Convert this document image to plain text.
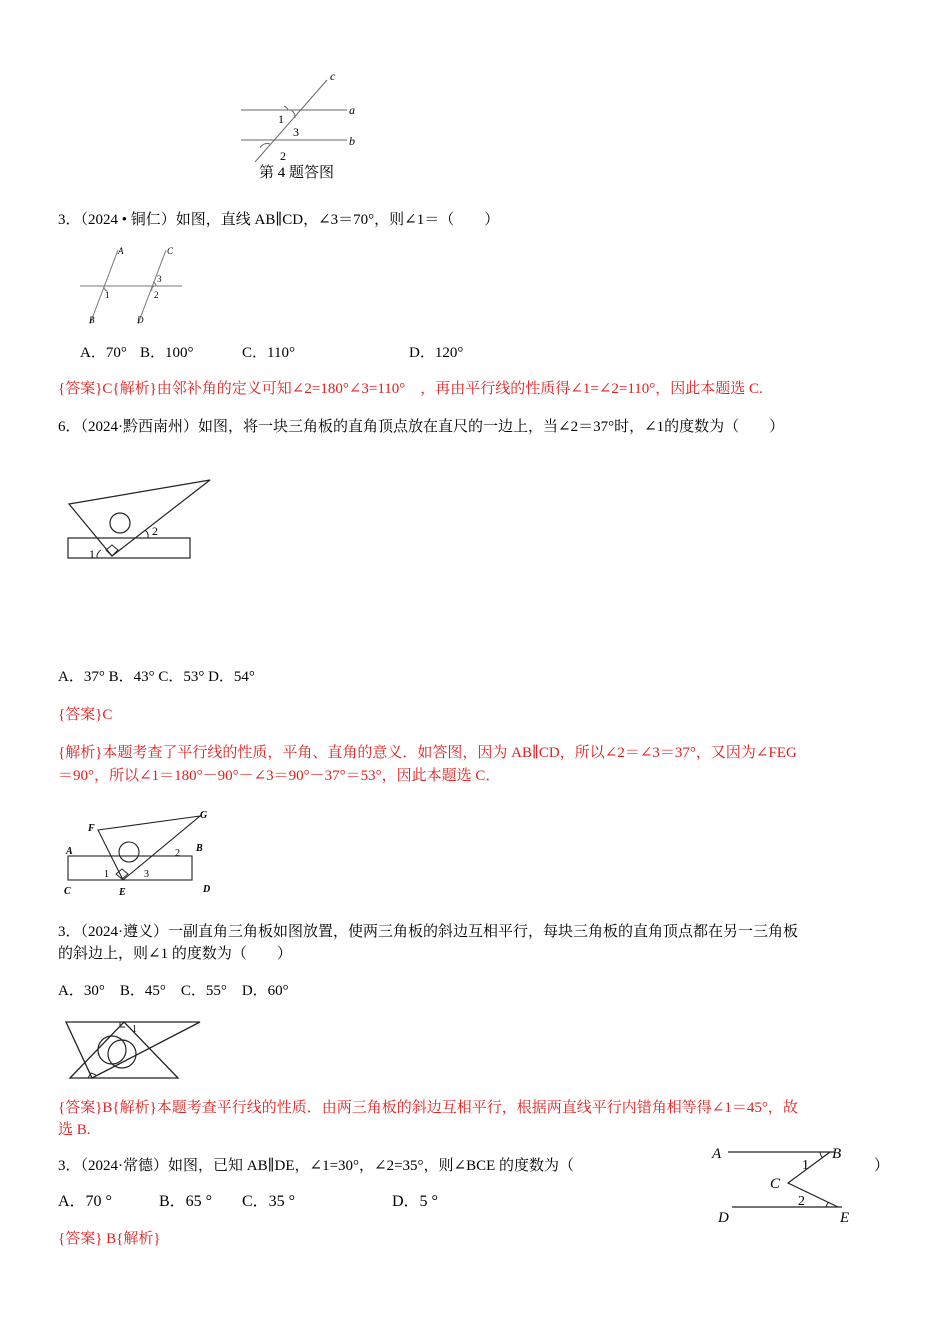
c
a
b
1
3
2
第 4 题答图
3．（2024 • 铜仁）如图，直线 AB∥CD，∠3＝70°，则∠1＝（　　）
A	C
B	D
1	2
3
A．70° B．100°	C．110°	D．120°
{答案}C{解析}由邻补角的定义可知∠2=180°∠3=110°　，再由平行线的性质得∠1=∠2=110°，因此本题选 C.
6．（2024·黔西南州）如图，将一块三角板的直角顶点放在直尺的一边上，当∠2＝37°时，∠1的度数为（　　）
1
2
A．37° B．43° C．53° D．54°
{答案}C
{解析}本题考查了平行线的性质，平角、直角的意义．如答图，因为 AB∥CD，所以∠2＝∠3＝37°，又因为∠FEG
＝90°，所以∠1＝180°－90°－∠3＝90°－37°＝53°，因此本题选 C．
F
G
A	B
C	E	D
1
2
3
3．（2024·遵义）一副直角三角板如图放置，使两三角板的斜边互相平行，每块三角板的直角顶点都在另一三角板
的斜边上，则∠1 的度数为（　　）
A．30°　B．45°　C．55°　D．60°
1
{答案}B{解析}本题考查平行线的性质．由两三角板的斜边互相平行，根据两直线平行内错角相等得∠1＝45°，故
选 B.
3．（2024·常德）如图，已知 AB∥DE，∠1=30°，∠2=35°，则∠BCE 的度数为（	）
A	B
C
D	E
1
2
A．70 °	B．65 ° C．35 °	D．5 °
{答案} B{解析}
